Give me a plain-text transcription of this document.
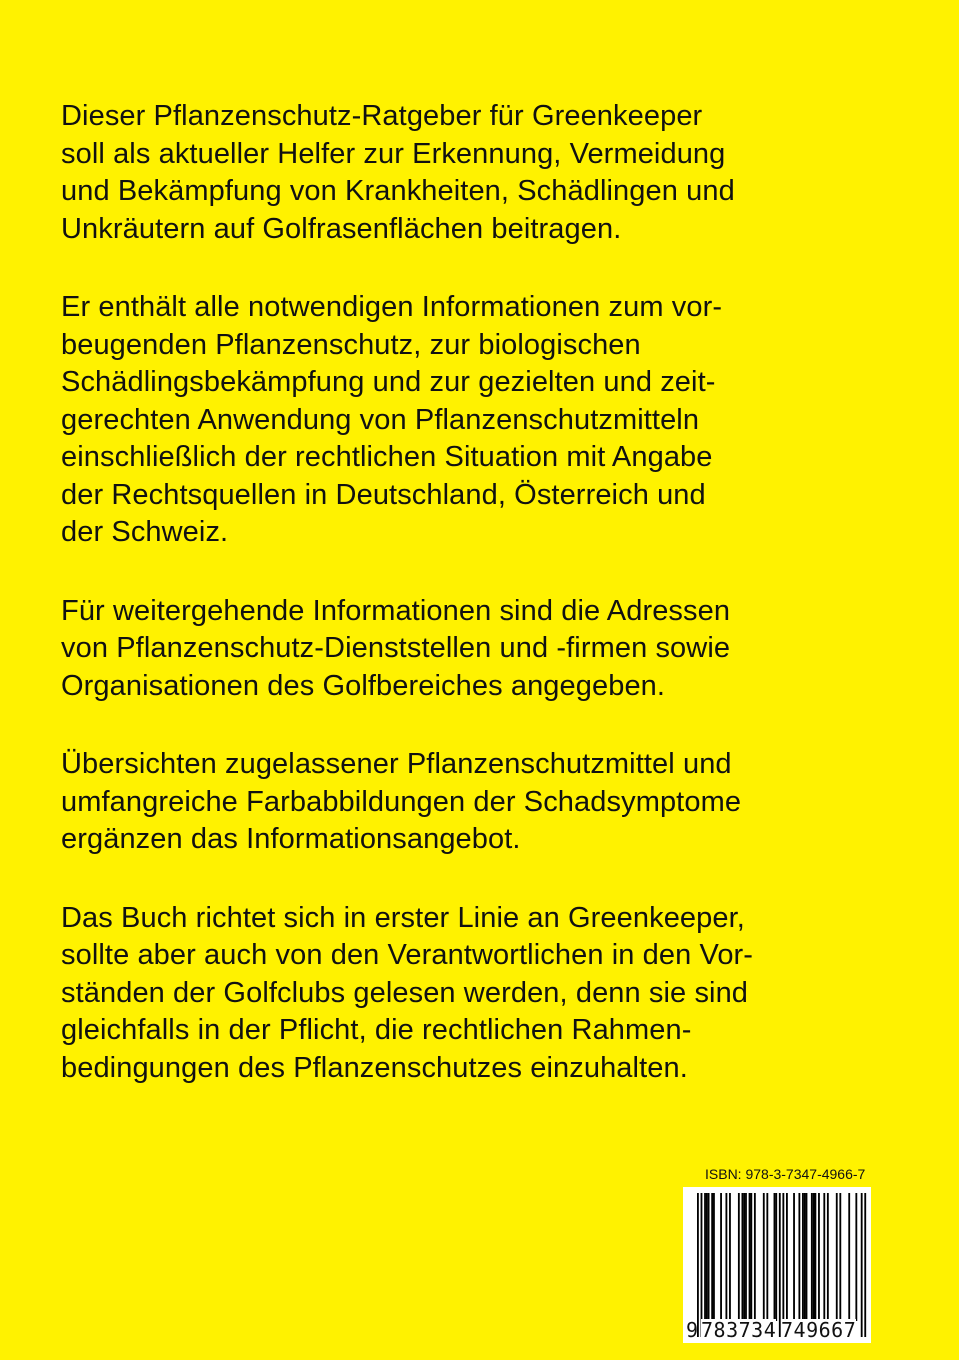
Dieser Pflanzenschutz-Ratgeber für Greenkeeper
soll als aktueller Helfer zur Erkennung, Vermeidung
und Bekämpfung von Krankheiten, Schädlingen und
Unkräutern auf Golfrasenflächen beitragen.

Er enthält alle notwendigen Informationen zum vor-
beugenden Pflanzenschutz, zur biologischen
Schädlingsbekämpfung und zur gezielten und zeit-
gerechten Anwendung von Pflanzenschutzmitteln
einschließlich der rechtlichen Situation mit Angabe
der Rechtsquellen in Deutschland, Österreich und
der Schweiz.

Für weitergehende Informationen sind die Adressen
von Pflanzenschutz-Dienststellen und -firmen sowie
Organisationen des Golfbereiches angegeben.

Übersichten zugelassener Pflanzenschutzmittel und
umfangreiche Farbabbildungen der Schadsymptome
ergänzen das Informationsangebot.

Das Buch richtet sich in erster Linie an Greenkeeper,
sollte aber auch von den Verantwortlichen in den Vor-
ständen der Golfclubs gelesen werden, denn sie sind
gleichfalls in der Pflicht, die rechtlichen Rahmen-
bedingungen des Pflanzenschutzes einzuhalten.

ISBN: 978-3-7347-4966-7
9 783734 749667
